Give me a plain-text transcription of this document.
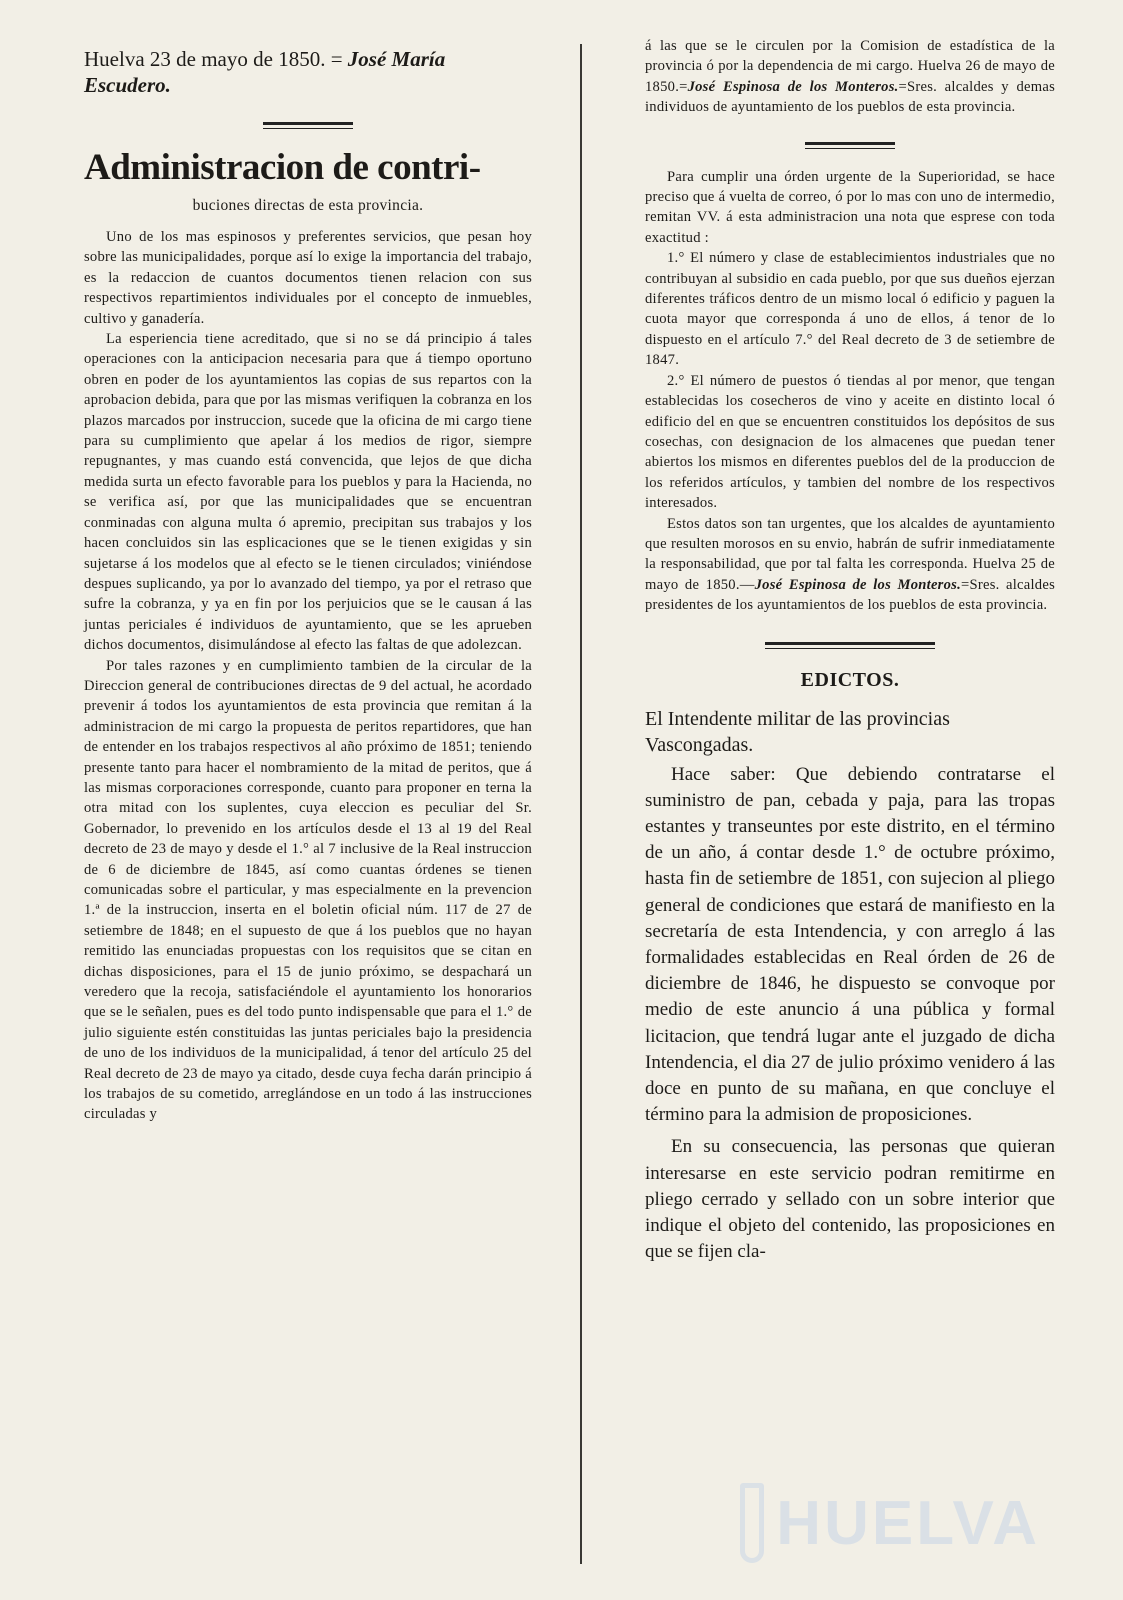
Huelva 23 de mayo de 1850. = José María Escudero.

Administracion de contri-
buciones directas de esta provincia.

Uno de los mas espinosos y preferentes servicios, que pesan hoy sobre las municipalidades, porque así lo exige la importancia del trabajo, es la redaccion de cuantos documentos tienen relacion con sus respectivos repartimientos individuales por el concepto de inmuebles, cultivo y ganadería.

La esperiencia tiene acreditado, que si no se dá principio á tales operaciones con la anticipacion necesaria para que á tiempo oportuno obren en poder de los ayuntamientos las copias de sus repartos con la aprobacion debida, para que por las mismas verifiquen la cobranza en los plazos marcados por instruccion, sucede que la oficina de mi cargo tiene para su cumplimiento que apelar á los medios de rigor, siempre repugnantes, y mas cuando está convencida, que lejos de que dicha medida surta un efecto favorable para los pueblos y para la Hacienda, no se verifica así, por que las municipalidades que se encuentran conminadas con alguna multa ó apremio, precipitan sus trabajos y los hacen concluidos sin las esplicaciones que se le tienen exigidas y sin sujetarse á los modelos que al efecto se le tienen circulados; viniéndose despues suplicando, ya por lo avanzado del tiempo, ya por el retraso que sufre la cobranza, y ya en fin por los perjuicios que se le causan á las juntas periciales é individuos de ayuntamiento, que se les aprueben dichos documentos, disimulándose al efecto las faltas de que adolezcan.

Por tales razones y en cumplimiento tambien de la circular de la Direccion general de contribuciones directas de 9 del actual, he acordado prevenir á todos los ayuntamientos de esta provincia que remitan á la administracion de mi cargo la propuesta de peritos repartidores, que han de entender en los trabajos respectivos al año próximo de 1851; teniendo presente tanto para hacer el nombramiento de la mitad de peritos, que á las mismas corporaciones corresponde, cuanto para proponer en terna la otra mitad con los suplentes, cuya eleccion es peculiar del Sr. Gobernador, lo prevenido en los artículos desde el 13 al 19 del Real decreto de 23 de mayo y desde el 1.° al 7 inclusive de la Real instruccion de 6 de diciembre de 1845, así como cuantas órdenes se tienen comunicadas sobre el particular, y mas especialmente en la prevencion 1.ª de la instruccion, inserta en el boletin oficial núm. 117 de 27 de setiembre de 1848; en el supuesto de que á los pueblos que no hayan remitido las enunciadas propuestas con los requisitos que se citan en dichas disposiciones, para el 15 de junio próximo, se despachará un veredero que la recoja, satisfaciéndole el ayuntamiento los honorarios que se le señalen, pues es del todo punto indispensable que para el 1.° de julio siguiente estén constituidas las juntas periciales bajo la presidencia de uno de los individuos de la municipalidad, á tenor del artículo 25 del Real decreto de 23 de mayo ya citado, desde cuya fecha darán principio á los trabajos de su cometido, arreglándose en un todo á las instrucciones circuladas y

á las que se le circulen por la Comision de estadística de la provincia ó por la dependencia de mi cargo. Huelva 26 de mayo de 1850.=José Espinosa de los Monteros.=Sres. alcaldes y demas individuos de ayuntamiento de los pueblos de esta provincia.

Para cumplir una órden urgente de la Superioridad, se hace preciso que á vuelta de correo, ó por lo mas con uno de intermedio, remitan VV. á esta administracion una nota que esprese con toda exactitud :

1.° El número y clase de establecimientos industriales que no contribuyan al subsidio en cada pueblo, por que sus dueños ejerzan diferentes tráficos dentro de un mismo local ó edificio y paguen la cuota mayor que corresponda á uno de ellos, á tenor de lo dispuesto en el artículo 7.° del Real decreto de 3 de setiembre de 1847.

2.° El número de puestos ó tiendas al por menor, que tengan establecidas los cosecheros de vino y aceite en distinto local ó edificio del en que se encuentren constituidos los depósitos de sus cosechas, con designacion de los almacenes que puedan tener abiertos los mismos en diferentes pueblos del de la produccion de los referidos artículos, y tambien del nombre de los respectivos interesados.

Estos datos son tan urgentes, que los alcaldes de ayuntamiento que resulten morosos en su envio, habrán de sufrir inmediatamente la responsabilidad, que por tal falta les corresponda. Huelva 25 de mayo de 1850.—José Espinosa de los Monteros.=Sres. alcaldes presidentes de los ayuntamientos de los pueblos de esta provincia.

EDICTOS.

El Intendente militar de las provincias Vascongadas.

Hace saber: Que debiendo contratarse el suministro de pan, cebada y paja, para las tropas estantes y transeuntes por este distrito, en el término de un año, á contar desde 1.° de octubre próximo, hasta fin de setiembre de 1851, con sujecion al pliego general de condiciones que estará de manifiesto en la secretaría de esta Intendencia, y con arreglo á las formalidades establecidas en Real órden de 26 de diciembre de 1846, he dispuesto se convoque por medio de este anuncio á una pública y formal licitacion, que tendrá lugar ante el juzgado de dicha Intendencia, el dia 27 de julio próximo venidero á las doce en punto de su mañana, en que concluye el término para la admision de proposiciones.

En su consecuencia, las personas que quieran interesarse en este servicio podran remitirme en pliego cerrado y sellado con un sobre interior que indique el objeto del contenido, las proposiciones en que se fijen cla-

HUELVA
